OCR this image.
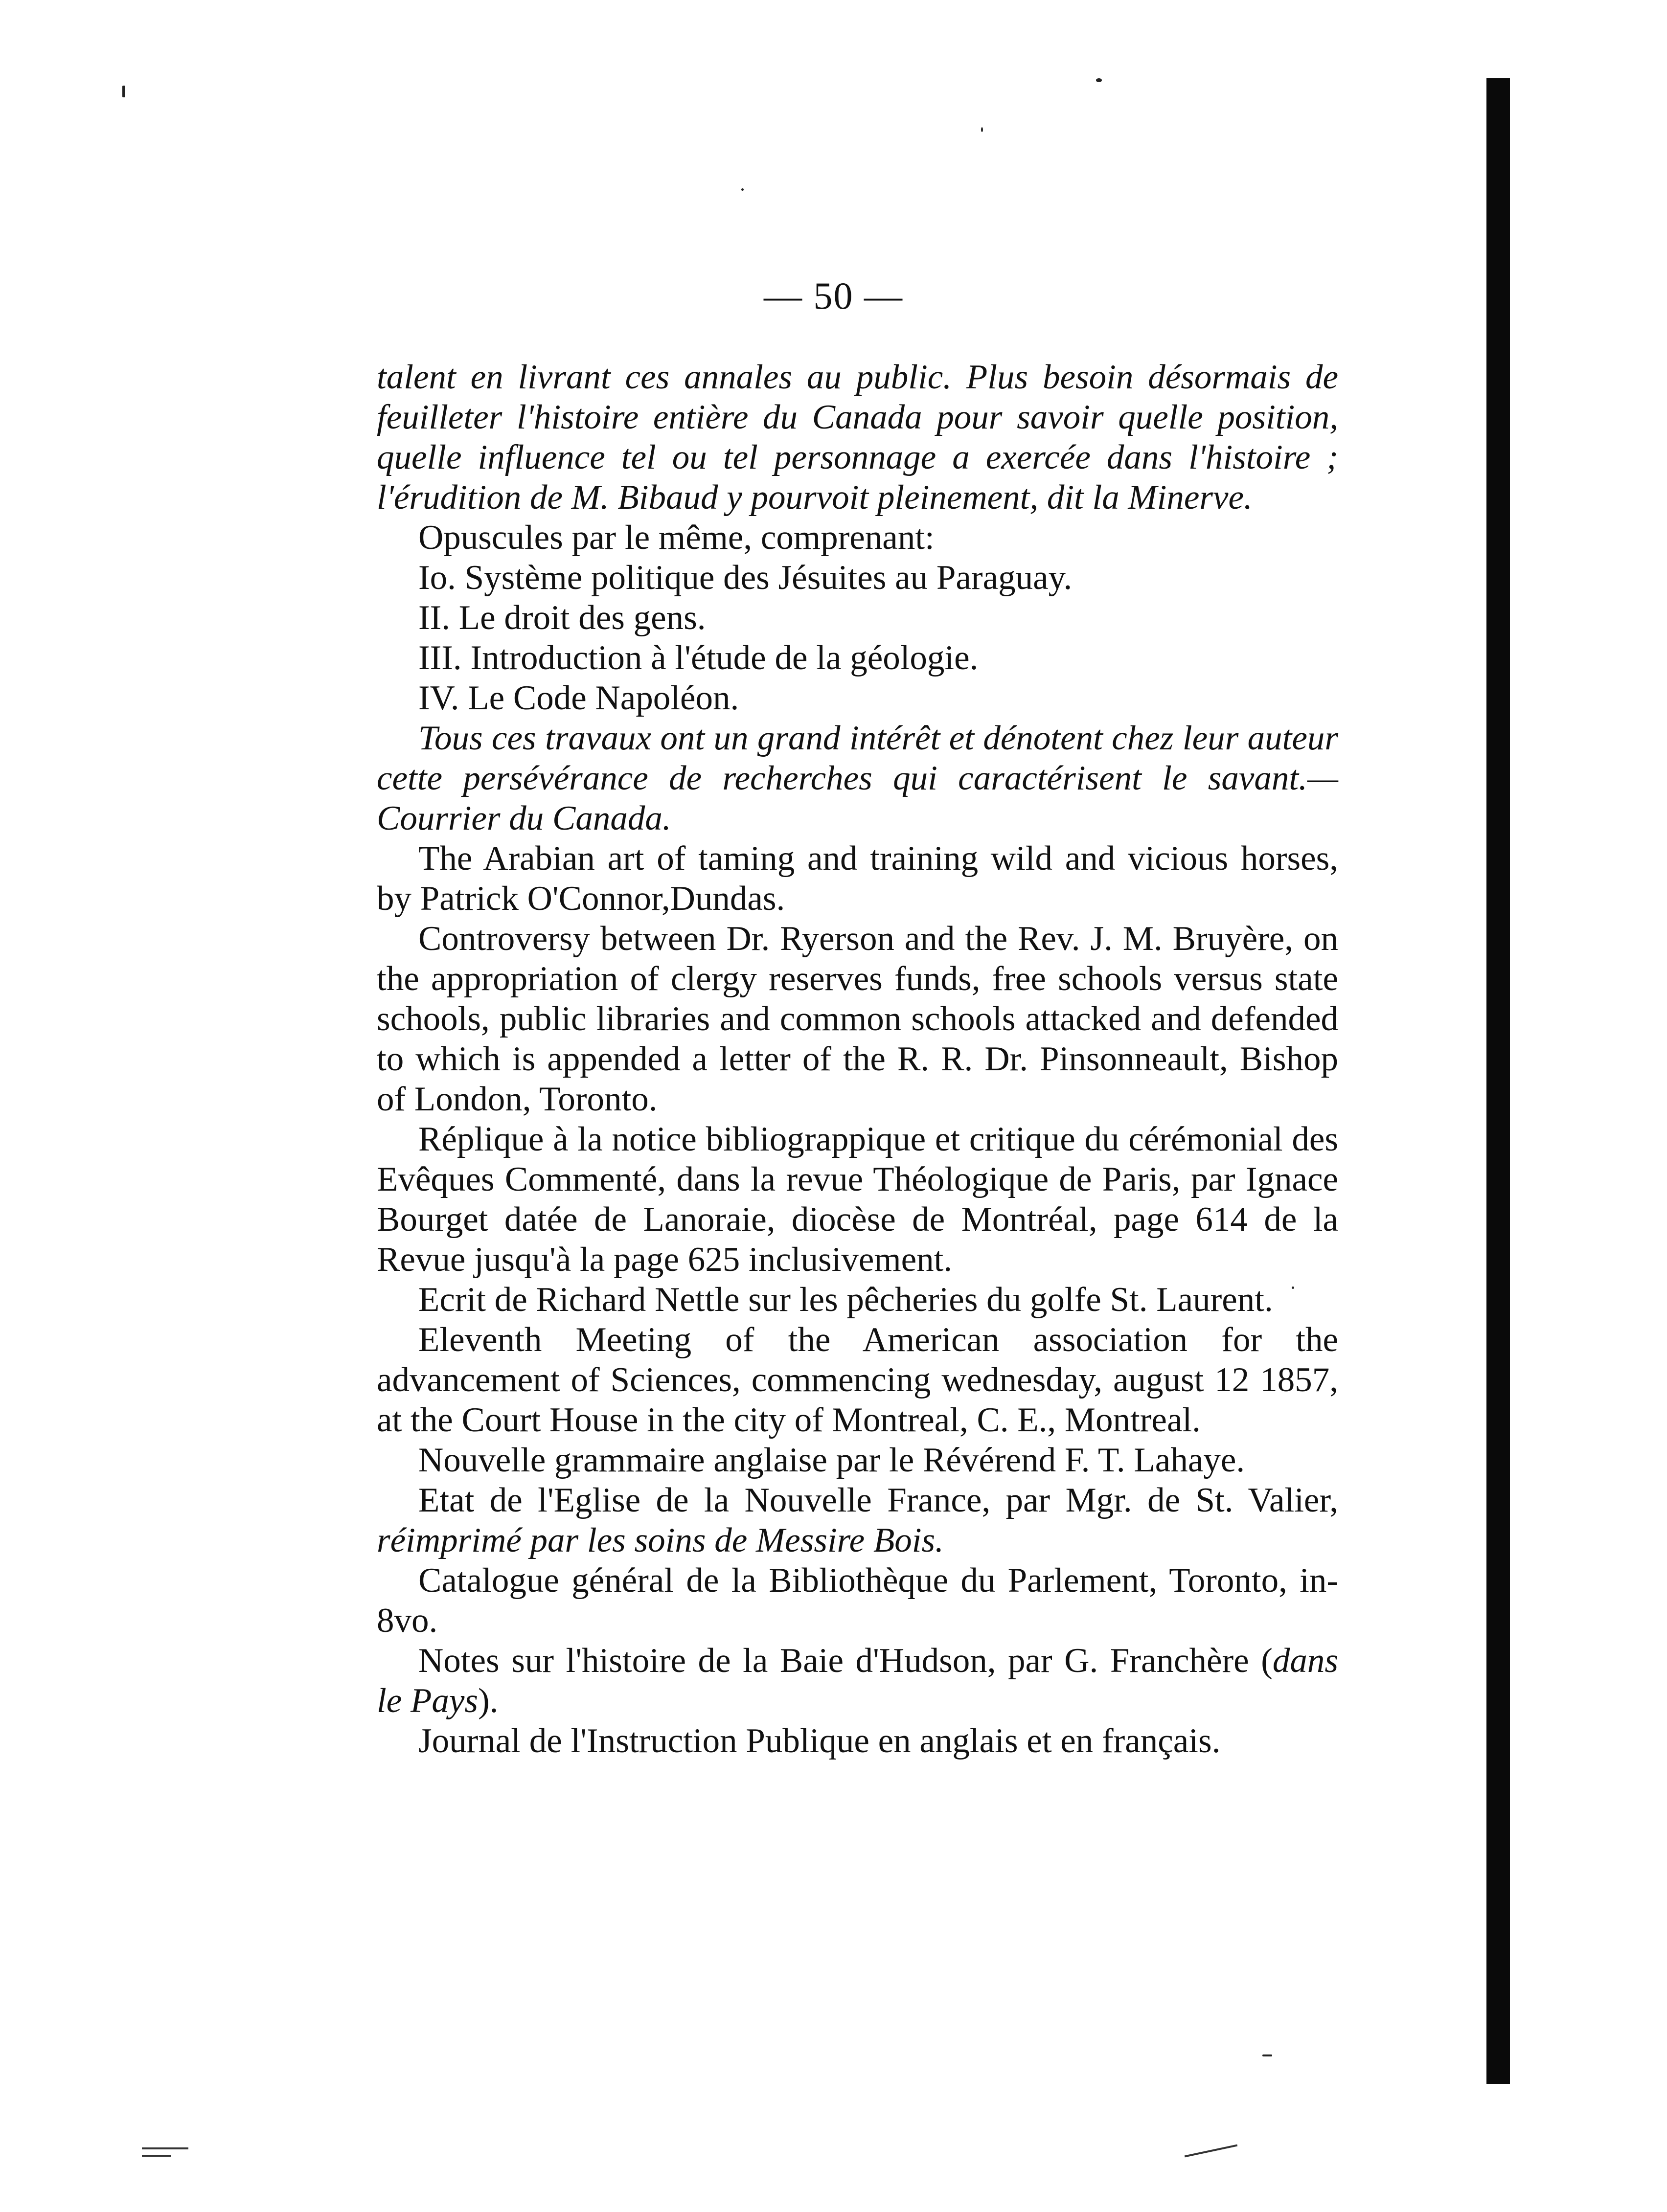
— 50 —

talent en livrant ces annales au public. Plus besoin désormais de feuilleter l'histoire entière du Canada pour savoir quelle position, quelle influence tel ou tel personnage a exercée dans l'histoire ; l'érudition de M. Bibaud y pourvoit pleinement, dit la Minerve.

Opuscules par le même, comprenant:

Io. Système politique des Jésuites au Paraguay.

II. Le droit des gens.

III. Introduction à l'étude de la géologie.

IV. Le Code Napoléon.

Tous ces travaux ont un grand intérêt et dénotent chez leur auteur cette persévérance de recherches qui caractérisent le savant.—Courrier du Canada.

The Arabian art of taming and training wild and vicious horses, by Patrick O'Connor,Dundas.

Controversy between Dr. Ryerson and the Rev. J. M. Bruyère, on the appropriation of clergy reserves funds, free schools versus state schools, public libraries and common schools attacked and defended to which is appended a letter of the R. R. Dr. Pinsonneault, Bishop of London, Toronto.

Réplique à la notice bibliograppique et critique du cérémonial des Evêques Commenté, dans la revue Théologique de Paris, par Ignace Bourget datée de Lanoraie, diocèse de Montréal, page 614 de la Revue jusqu'à la page 625 inclusivement.

Ecrit de Richard Nettle sur les pêcheries du golfe St. Laurent.

Eleventh Meeting of the American association for the advancement of Sciences, commencing wednesday, august 12 1857, at the Court House in the city of Montreal, C. E., Montreal.

Nouvelle grammaire anglaise par le Révérend F. T. Lahaye.

Etat de l'Eglise de la Nouvelle France, par Mgr. de St. Valier, réimprimé par les soins de Messire Bois.

Catalogue général de la Bibliothèque du Parlement, Toronto, in-8vo.

Notes sur l'histoire de la Baie d'Hudson, par G. Franchère (dans le Pays).

Journal de l'Instruction Publique en anglais et en français.
